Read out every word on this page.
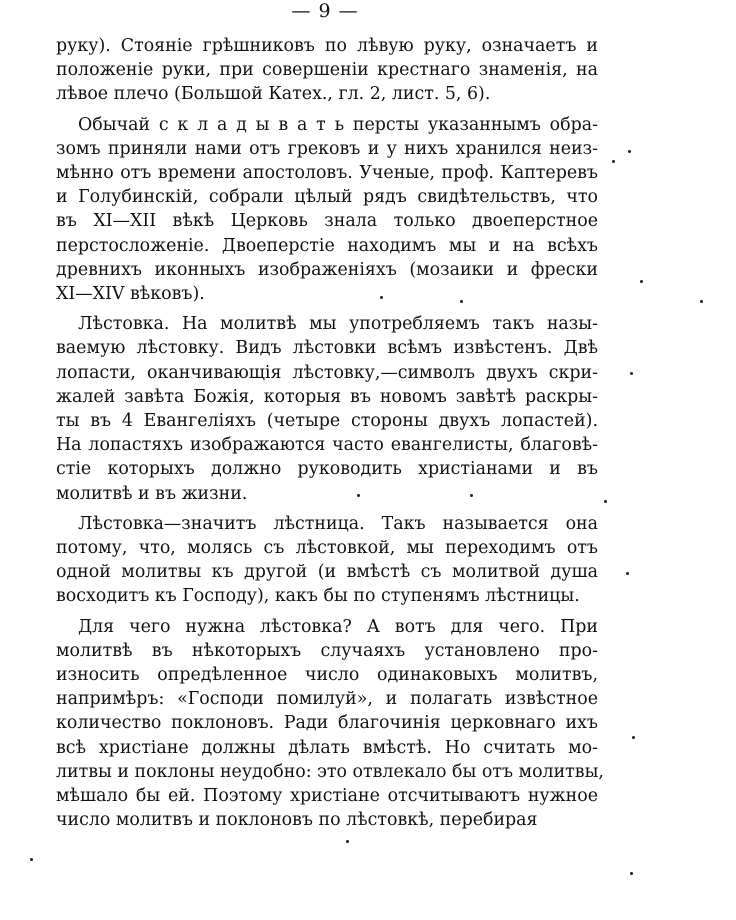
— 9 —
руку). Стоянiе грѣшниковъ по лѣвую руку, означаетъ и
положенiе руки, при совершенiи крестнаго знаменiя, на
лѣвое плечо (Большой Катех., гл. 2, лист. 5, 6).
Обычай с к л а д ы в а т ь персты указаннымъ обра-
зомъ приняли нами отъ грековъ и у нихъ хранился неиз-
мѣнно отъ времени апостоловъ. Ученые, проф. Каптеревъ
и Голубинскiй, собрали цѣлый рядъ свидѣтельствъ, что
въ XI—XII вѣкѣ Церковь знала только двоеперстное
перстосложенiе. Двоеперстiе находимъ мы и на всѣхъ
древнихъ иконныхъ изображенiяхъ (мозаики и фрески
XI—XIV вѣковъ).
Лѣстовка. На молитвѣ мы употребляемъ такъ назы-
ваемую лѣстовку. Видъ лѣстовки всѣмъ извѣстенъ. Двѣ
лопасти, оканчивающiя лѣстовку,—символъ двухъ скри-
жалей завѣта Божiя, которыя въ новомъ завѣтѣ раскры-
ты въ 4 Евангелiяхъ (четыре стороны двухъ лопастей).
На лопастяхъ изображаются часто евангелисты, благовѣ-
стiе которыхъ должно руководить христiанами и въ
молитвѣ и въ жизни.
Лѣстовка—значитъ лѣстница. Такъ называется она
потому, что, молясь съ лѣстовкой, мы переходимъ отъ
одной молитвы къ другой (и вмѣстѣ съ молитвой душа
восходитъ къ Господу), какъ бы по ступенямъ лѣстницы.
Для чего нужна лѣстовка? А вотъ для чего. При
молитвѣ въ нѣкоторыхъ случаяхъ установлено про-
износить опредѣленное число одинаковыхъ молитвъ,
напримѣръ: «Господи помилуй», и полагать извѣстное
количество поклоновъ. Ради благочинiя церковнаго ихъ
всѣ христiане должны дѣлать вмѣстѣ. Но считать мо-
литвы и поклоны неудобно: это отвлекало бы отъ молитвы,
мѣшало бы ей. Поэтому христiане отсчитываютъ нужное
число молитвъ и поклоновъ по лѣстовкѣ, перебирая
